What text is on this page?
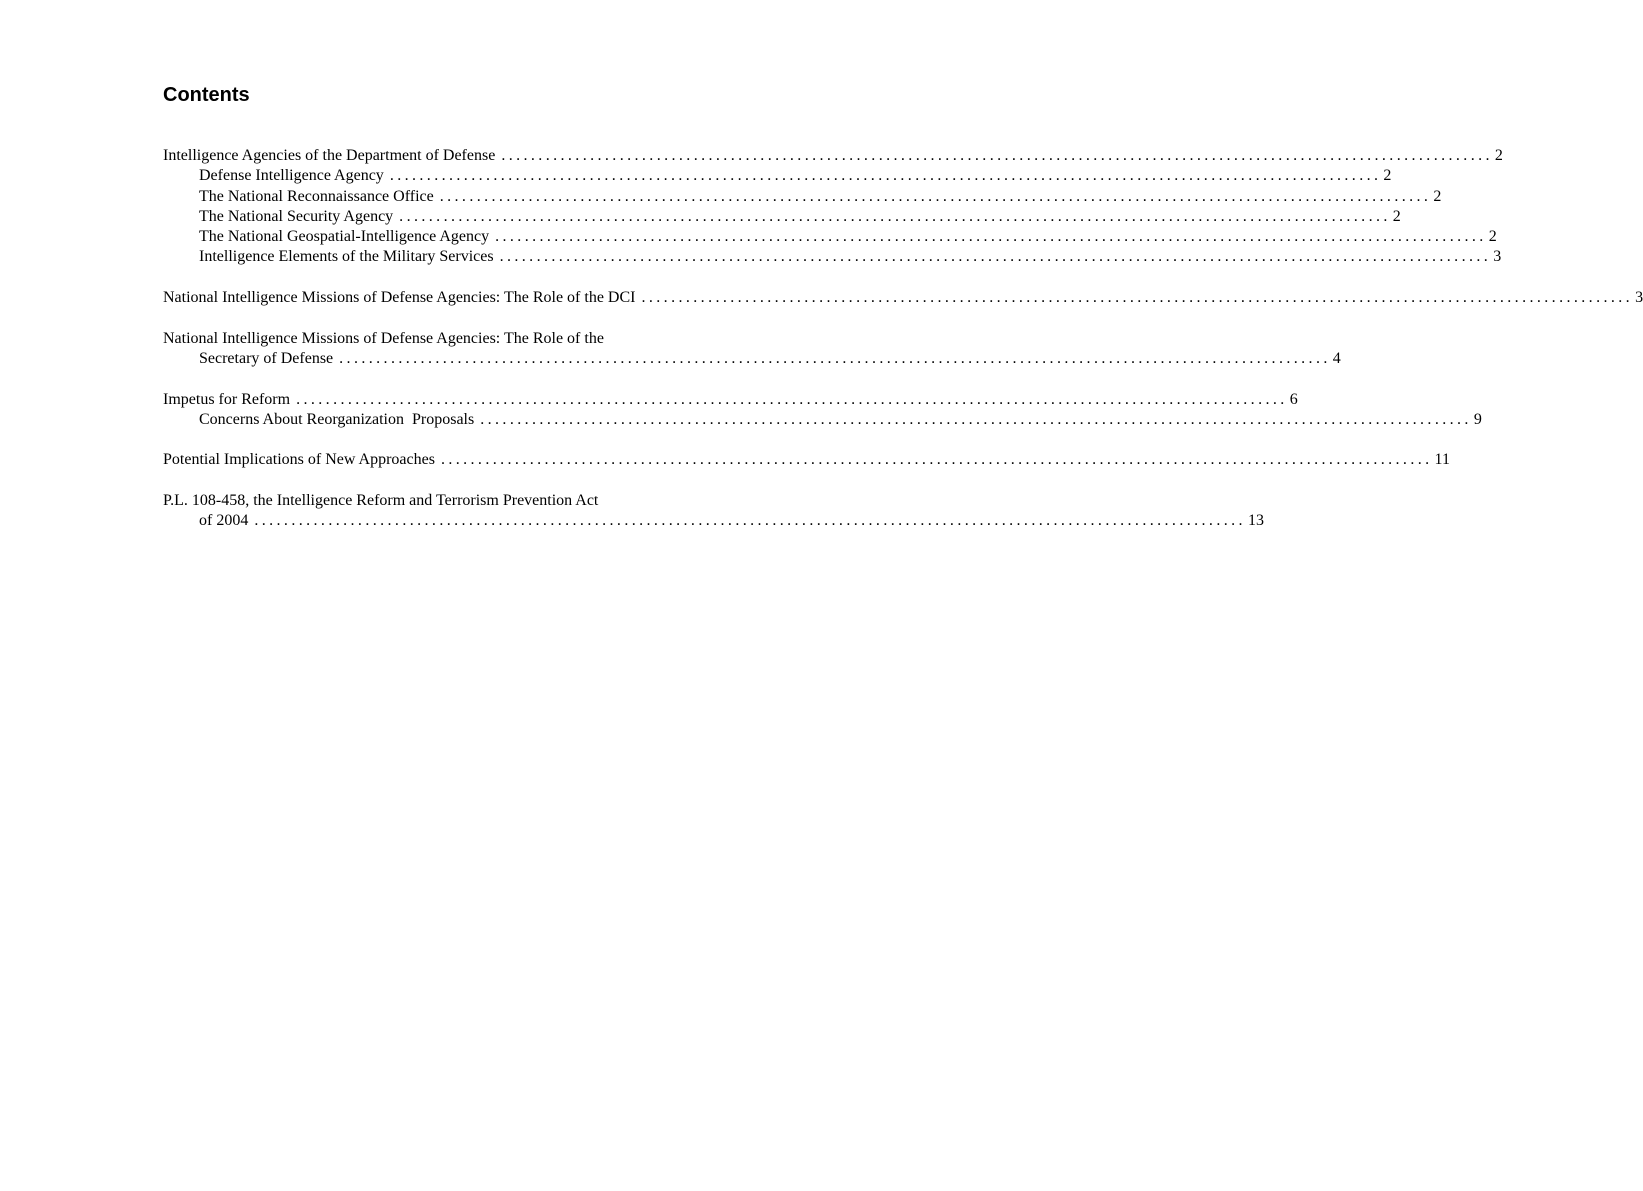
Contents
Intelligence Agencies of the Department of Defense ...................................................................................................................................... 2
Defense Intelligence Agency ...................................................................................................................................... 2
The National Reconnaissance Office ...................................................................................................................................... 2
The National Security Agency ...................................................................................................................................... 2
The National Geospatial-Intelligence Agency ...................................................................................................................................... 2
Intelligence Elements of the Military Services ...................................................................................................................................... 3
National Intelligence Missions of Defense Agencies: The Role of the DCI ...................................................................................................................................... 3
National Intelligence Missions of Defense Agencies: The Role of the
Secretary of Defense ...................................................................................................................................... 4
Impetus for Reform ...................................................................................................................................... 6
Concerns About Reorganization  Proposals ...................................................................................................................................... 9
Potential Implications of New Approaches ...................................................................................................................................... 11
P.L. 108-458, the Intelligence Reform and Terrorism Prevention Act
of 2004 ...................................................................................................................................... 13
